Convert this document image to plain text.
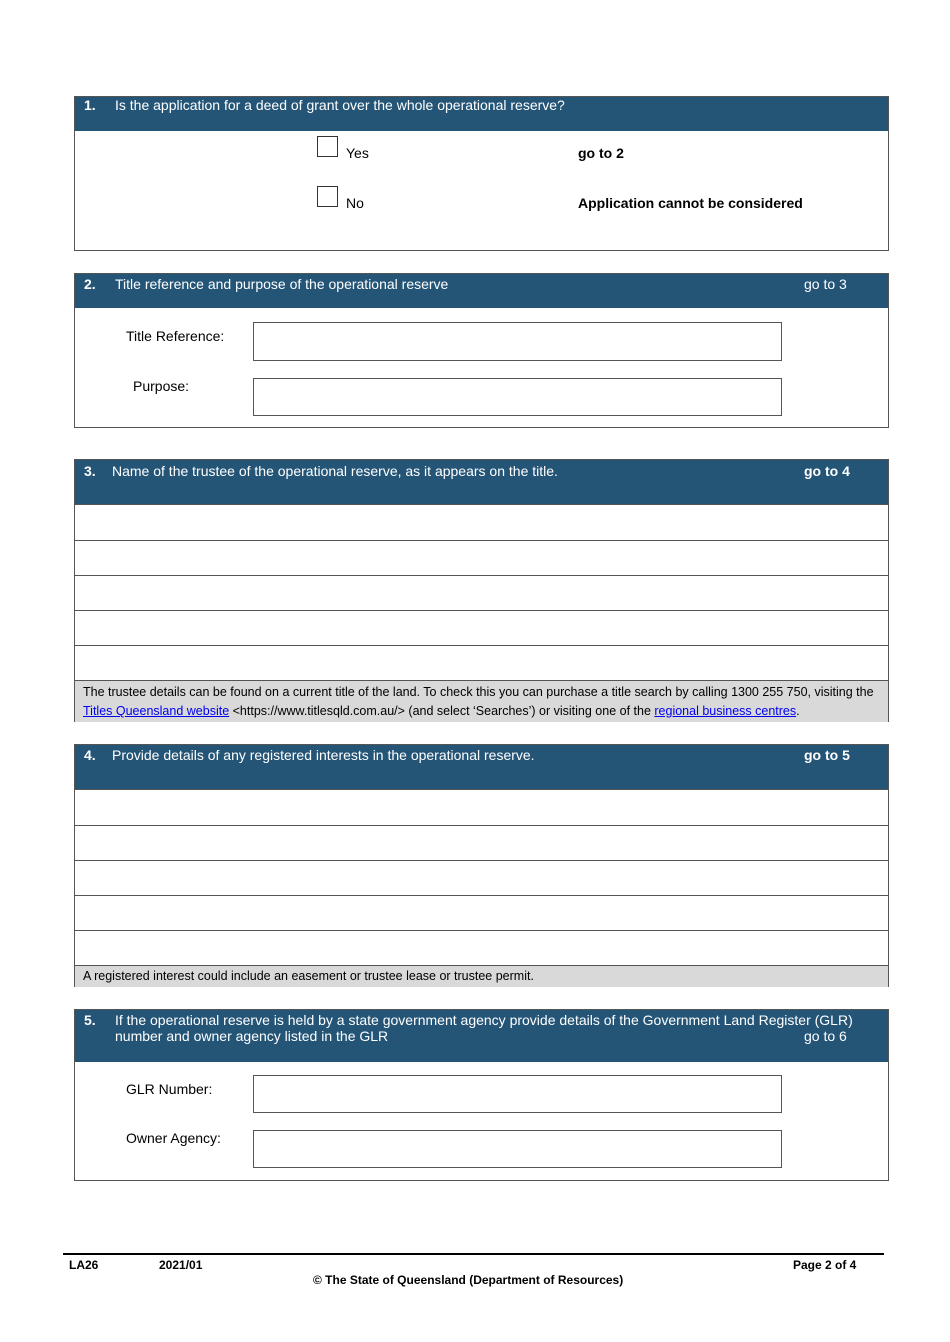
1. Is the application for a deed of grant over the whole operational reserve?
Yes	go to 2
No	Application cannot be considered
2. Title reference and purpose of the operational reserve	go to 3
Title Reference:
Purpose:
3. Name of the trustee of the operational reserve, as it appears on the title.	go to 4
The trustee details can be found on a current title of the land. To check this you can purchase a title search by calling 1300 255 750, visiting the Titles Queensland website <https://www.titlesqld.com.au/> (and select ‘Searches’) or visiting one of the regional business centres.
4. Provide details of any registered interests in the operational reserve.	go to 5
A registered interest could include an easement or trustee lease or trustee permit.
5. If the operational reserve is held by a state government agency provide details of the Government Land Register (GLR)
number and owner agency listed in the GLR	go to 6
GLR Number:
Owner Agency:
LA26	2021/01	Page 2 of 4
© The State of Queensland (Department of Resources)
